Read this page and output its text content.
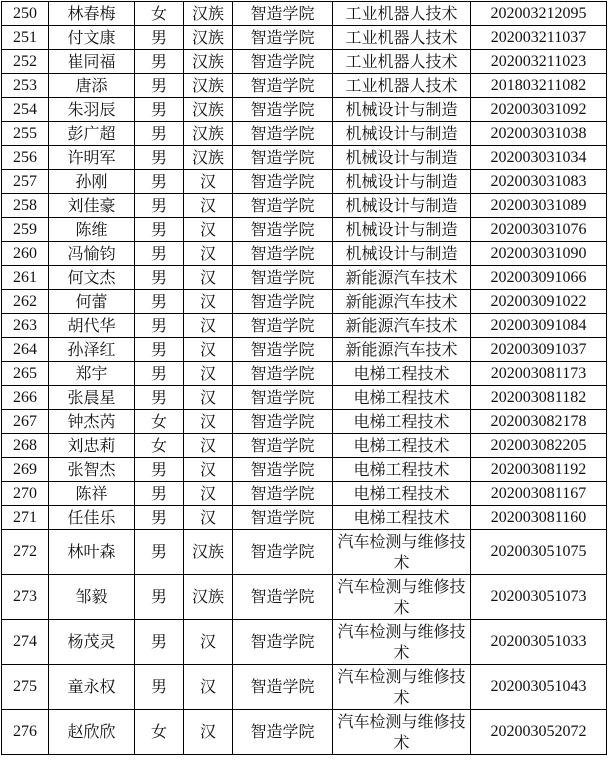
250	林春梅	女	汉族	智造学院	工业机器人技术	202003212095
251	付文康	男	汉族	智造学院	工业机器人技术	202003211037
252	崔同福	男	汉族	智造学院	工业机器人技术	202003211023
253	唐添	男	汉族	智造学院	工业机器人技术	201803211082
254	朱羽辰	男	汉族	智造学院	机械设计与制造	202003031092
255	彭广超	男	汉族	智造学院	机械设计与制造	202003031038
256	许明军	男	汉族	智造学院	机械设计与制造	202003031034
257	孙刚	男	汉	智造学院	机械设计与制造	202003031083
258	刘佳豪	男	汉	智造学院	机械设计与制造	202003031089
259	陈维	男	汉	智造学院	机械设计与制造	202003031076
260	冯愉钧	男	汉	智造学院	机械设计与制造	202003031090
261	何文杰	男	汉	智造学院	新能源汽车技术	202003091066
262	何蕾	男	汉	智造学院	新能源汽车技术	202003091022
263	胡代华	男	汉	智造学院	新能源汽车技术	202003091084
264	孙泽红	男	汉	智造学院	新能源汽车技术	202003091037
265	郑宇	男	汉	智造学院	电梯工程技术	202003081173
266	张晨星	男	汉	智造学院	电梯工程技术	202003081182
267	钟杰芮	女	汉	智造学院	电梯工程技术	202003082178
268	刘忠莉	女	汉	智造学院	电梯工程技术	202003082205
269	张智杰	男	汉	智造学院	电梯工程技术	202003081192
270	陈祥	男	汉	智造学院	电梯工程技术	202003081167
271	任佳乐	男	汉	智造学院	电梯工程技术	202003081160
272	林叶森	男	汉族	智造学院	汽车检测与维修技术	202003051075
273	邹毅	男	汉族	智造学院	汽车检测与维修技术	202003051073
274	杨茂灵	男	汉	智造学院	汽车检测与维修技术	202003051033
275	童永权	男	汉	智造学院	汽车检测与维修技术	202003051043
276	赵欣欣	女	汉	智造学院	汽车检测与维修技术	202003052072
